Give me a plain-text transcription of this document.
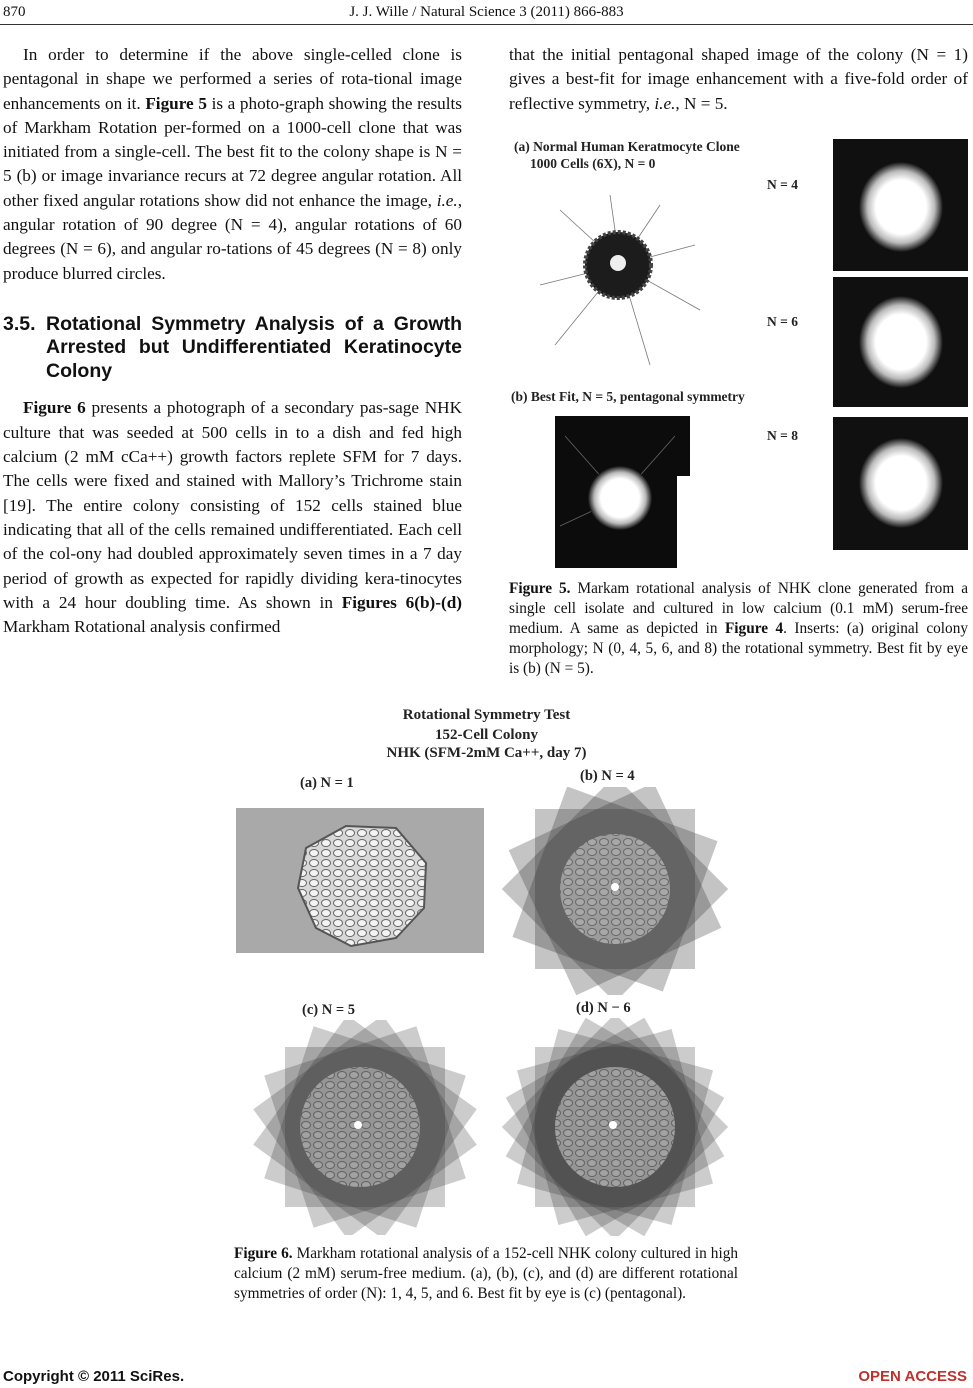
870	J. J. Wille / Natural Science 3 (2011) 866-883

In order to determine if the above single-celled clone is pentagonal in shape we performed a series of rota-tional image enhancements on it. Figure 5 is a photo-graph showing the results of Markham Rotation per-formed on a 1000-cell clone that was initiated from a single-cell. The best fit to the colony shape is N = 5 (b) or image invariance recurs at 72 degree angular rotation. All other fixed angular rotations show did not enhance the image, i.e., angular rotation of 90 degree (N = 4), angular rotations of 60 degrees (N = 6), and angular ro-tations of 45 degrees (N = 8) only produce blurred circles.

3.5. Rotational Symmetry Analysis of a Growth Arrested but Undifferentiated Keratinocyte Colony

Figure 6 presents a photograph of a secondary pas-sage NHK culture that was seeded at 500 cells in to a dish and fed high calcium (2 mM cCa++) growth factors replete SFM for 7 days. The cells were fixed and stained with Mallory’s Trichrome stain [19]. The entire colony consisting of 152 cells stained blue indicating that all of the cells remained undifferentiated. Each cell of the col-ony had doubled approximately seven times in a 7 day period of growth as expected for rapidly dividing kera-tinocytes with a 24 hour doubling time. As shown in Figures 6(b)-(d) Markham Rotational analysis confirmed

that the initial pentagonal shaped image of the colony (N = 1) gives a best-fit for image enhancement with a five-fold order of reflective symmetry, i.e., N = 5.

(a) Normal Human Keratmocyte Clone
1000 Cells (6X), N = 0
N = 4
N = 6
N = 8
(b) Best Fit, N = 5, pentagonal symmetry

Figure 5. Markam rotational analysis of NHK clone generated from a single cell isolate and cultured in low calcium (0.1 mM) serum-free medium. A same as depicted in Figure 4. Inserts: (a) original colony morphology; N (0, 4, 5, 6, and 8) the rotational symmetry. Best fit by eye is (b) (N = 5).

Rotational Symmetry Test
152-Cell Colony
NHK (SFM-2mM Ca++, day 7)
(a) N = 1	(b) N = 4
(c) N = 5	(d) N − 6

Figure 6. Markham rotational analysis of a 152-cell NHK colony cultured in high calcium (2 mM) serum-free medium. (a), (b), (c), and (d) are different rotational symmetries of order (N): 1, 4, 5, and 6. Best fit by eye is (c) (pentagonal).

Copyright © 2011 SciRes.	OPEN ACCESS
